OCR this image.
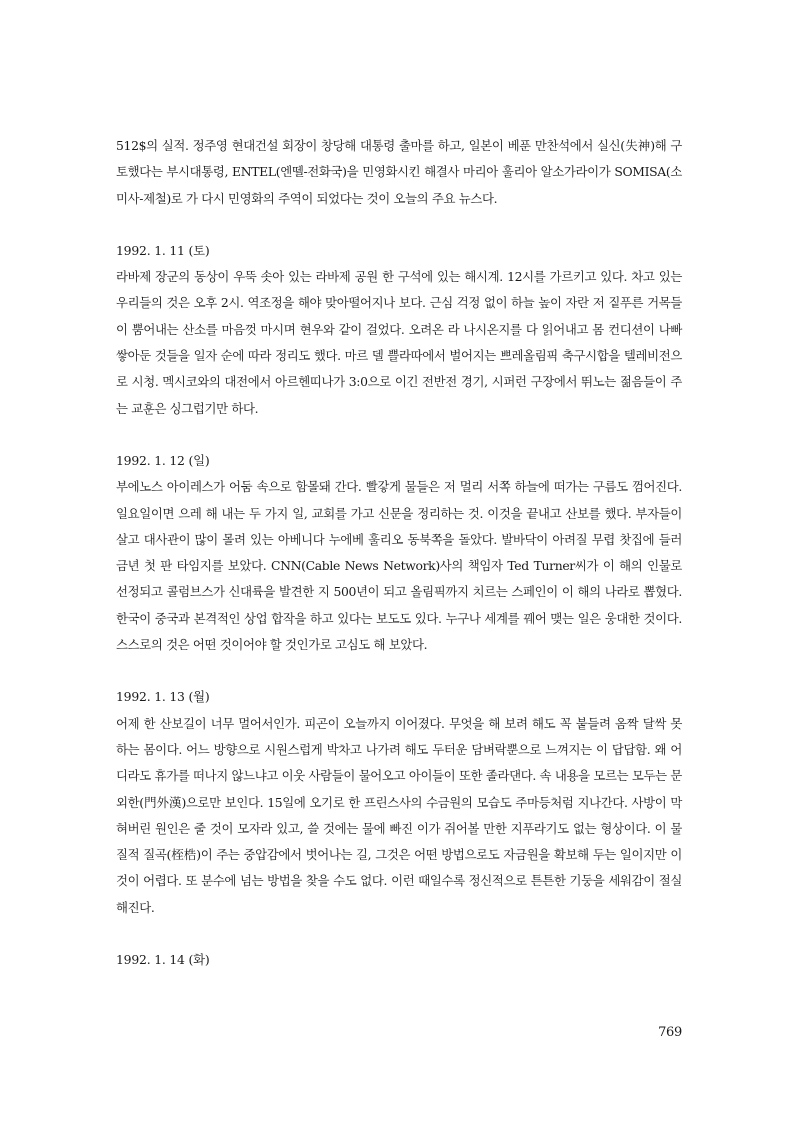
512$의 실적. 정주영 현대건설 회장이 창당해 대통령 출마를 하고, 일본이 베푼 만찬석에서 실신(失神)해 구토했다는 부시대통령, ENTEL(엔뗄-전화국)을 민영화시킨 해결사 마리아 훌리아 알소가라이가 SOMISA(소미사-제철)로 가 다시 민영화의 주역이 되었다는 것이 오늘의 주요 뉴스다.

1992. 1. 11 (토)

라바제 장군의 동상이 우뚝 솟아 있는 라바제 공원 한 구석에 있는 해시계. 12시를 가르키고 있다. 차고 있는 우리들의 것은 오후 2시. 역조정을 해야 맞아떨어지나 보다. 근심 걱정 없이 하늘 높이 자란 저 짙푸른 거목들이 뿜어내는 산소를 마음껏 마시며 현우와 같이 걸었다. 오려온 라 나시온지를 다 읽어내고 몸 컨디션이 나빠 쌓아둔 것들을 일자 순에 따라 정리도 했다. 마르 델 쁠라따에서 벌어지는 쁘레올림픽 축구시합을 텔레비전으로 시청. 멕시코와의 대전에서 아르헨띠나가 3:0으로 이긴 전반전 경기, 시퍼런 구장에서 뛰노는 젊음들이 주는 교훈은 싱그럽기만 하다.

1992. 1. 12 (일)

부에노스 아이레스가 어둠 속으로 함몰돼 간다. 빨갛게 물들은 저 멀리 서쪽 하늘에 떠가는 구름도 껌어진다. 일요일이면 으레 해 내는 두 가지 일, 교회를 가고 신문을 정리하는 것. 이것을 끝내고 산보를 했다. 부자들이 살고 대사관이 많이 몰려 있는 아베니다 누에베 훌리오 동북쪽을 돌았다. 발바닥이 아려질 무렵 찻집에 들러 금년 첫 판 타임지를 보았다. CNN(Cable News Network)사의 책임자 Ted Turner씨가 이 해의 인물로 선정되고 콜럼브스가 신대륙을 발견한 지 500년이 되고 올림픽까지 치르는 스페인이 이 해의 나라로 뽑혔다. 한국이 중국과 본격적인 상업 합작을 하고 있다는 보도도 있다. 누구나 세계를 꿰어 맺는 일은 웅대한 것이다. 스스로의 것은 어떤 것이어야 할 것인가로 고심도 해 보았다.

1992. 1. 13 (월)

어제 한 산보길이 너무 멀어서인가. 피곤이 오늘까지 이어졌다. 무엇을 해 보려 해도 꼭 붙들려 옴짝 달싹 못 하는 몸이다. 어느 방향으로 시원스럽게 박차고 나가려 해도 두터운 담벼락뿐으로 느껴지는 이 답답함. 왜 어디라도 휴가를 떠나지 않느냐고 이웃 사람들이 물어오고 아이들이 또한 졸라댄다. 속 내용을 모르는 모두는 문외한(門外漢)으로만 보인다. 15일에 오기로 한 프린스사의 수금원의 모습도 주마등처럼 지나간다. 사방이 막혀버린 원인은 줄 것이 모자라 있고, 쓸 것에는 물에 빠진 이가 쥐어볼 만한 지푸라기도 없는 형상이다. 이 물질적 질곡(桎梏)이 주는 중압감에서 벗어나는 길, 그것은 어떤 방법으로도 자금원을 확보해 두는 일이지만 이것이 어렵다. 또 분수에 넘는 방법을 찾을 수도 없다. 이런 때일수록 정신적으로 튼튼한 기둥을 세워감이 절실해진다.

1992. 1. 14 (화)
769
